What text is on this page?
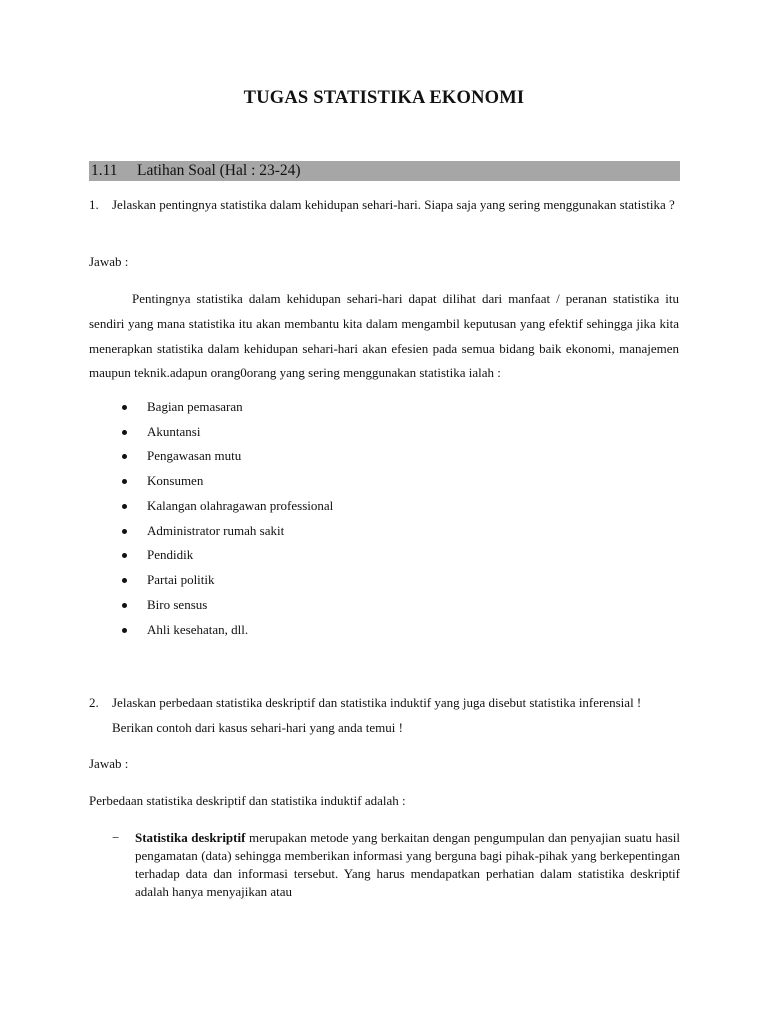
TUGAS STATISTIKA EKONOMI
1.11 Latihan Soal (Hal : 23-24)
1. Jelaskan pentingnya statistika dalam kehidupan sehari-hari. Siapa saja yang sering menggunakan statistika ?
Jawab :
Pentingnya statistika dalam kehidupan sehari-hari dapat dilihat dari manfaat / peranan statistika itu sendiri yang mana statistika itu akan membantu kita dalam mengambil keputusan yang efektif sehingga jika kita menerapkan statistika dalam kehidupan sehari-hari akan efesien pada semua bidang baik ekonomi, manajemen maupun teknik.adapun orang0orang yang sering menggunakan statistika ialah :
Bagian pemasaran
Akuntansi
Pengawasan mutu
Konsumen
Kalangan olahragawan professional
Administrator rumah sakit
Pendidik
Partai politik
Biro sensus
Ahli kesehatan, dll.
2. Jelaskan perbedaan statistika deskriptif dan statistika induktif yang juga disebut statistika inferensial ! Berikan contoh dari kasus sehari-hari yang anda temui !
Jawab :
Perbedaan statistika deskriptif dan statistika induktif adalah :
− Statistika deskriptif merupakan metode yang berkaitan dengan pengumpulan dan penyajian suatu hasil pengamatan (data) sehingga memberikan informasi yang berguna bagi pihak-pihak yang berkepentingan terhadap data dan informasi tersebut. Yang harus mendapatkan perhatian dalam statistika deskriptif adalah hanya menyajikan atau
